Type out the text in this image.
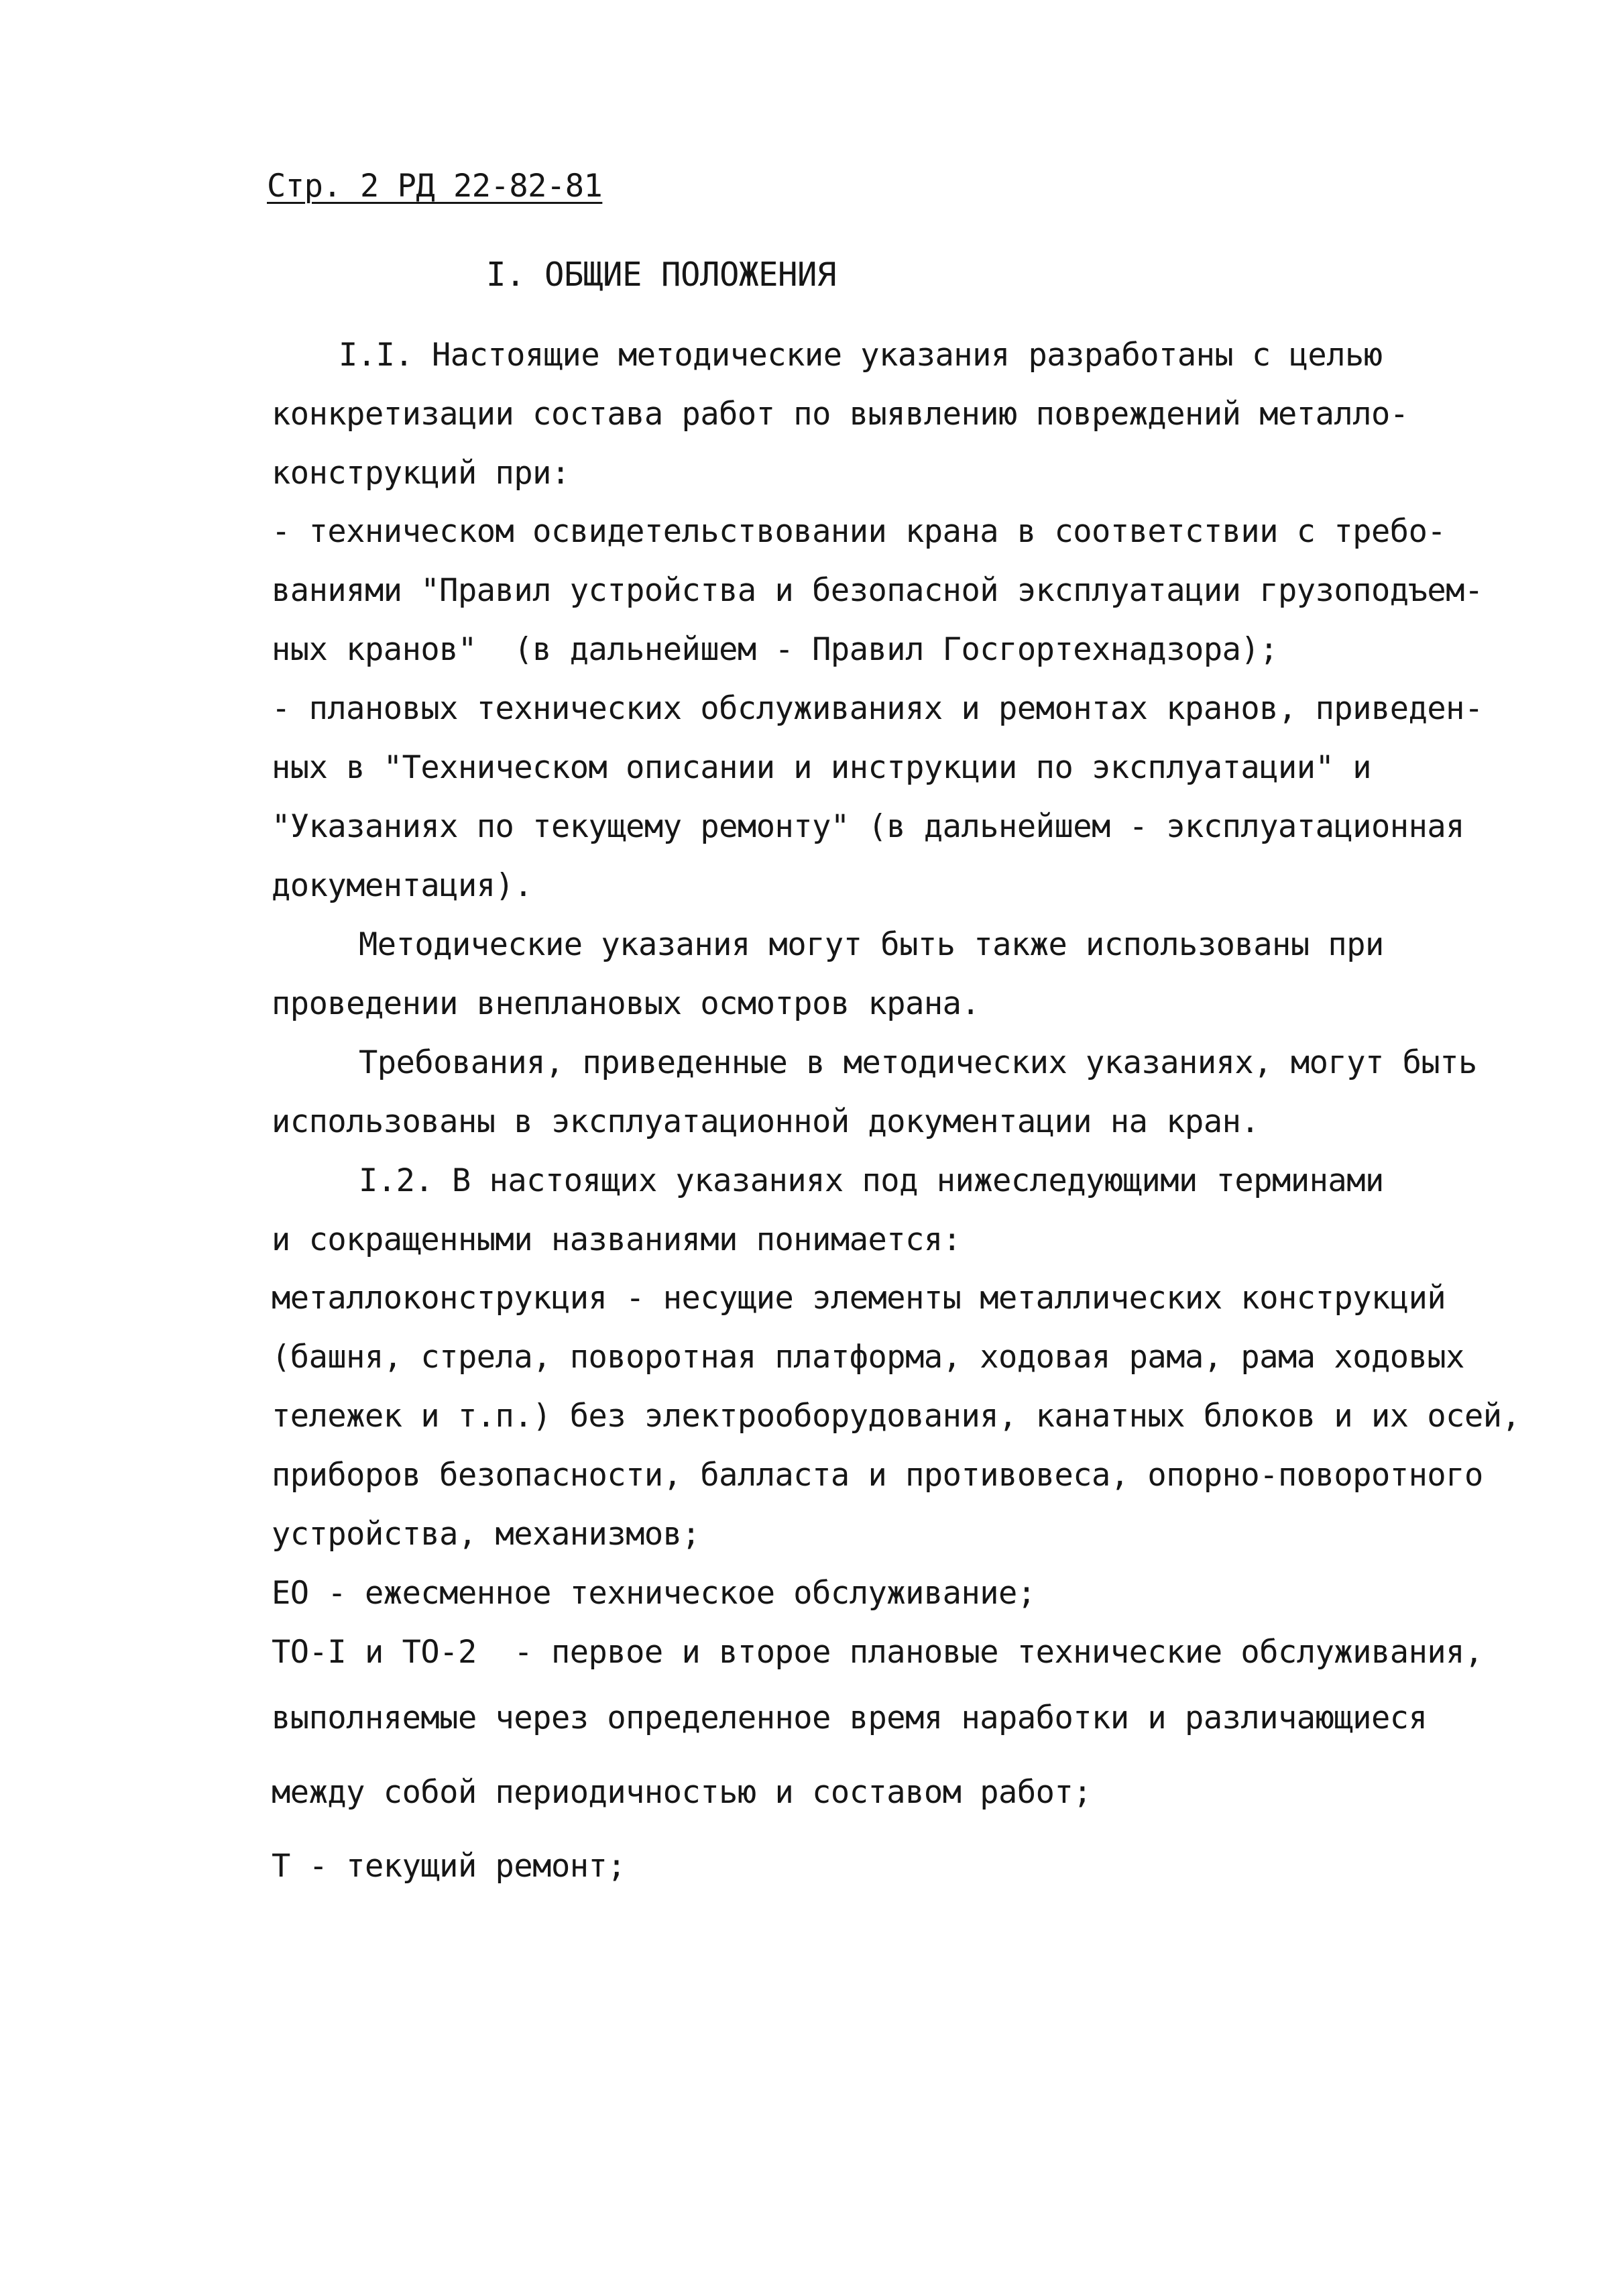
Стр. 2 РД 22-82-81
I. ОБЩИЕ ПОЛОЖЕНИЯ
I.I. Настоящие методические указания разработаны с целью
конкретизации состава работ по выявлению повреждений металло-
конструкций при:
- техническом освидетельствовании крана в соответствии с требо-
ваниями "Правил устройства и безопасной эксплуатации грузоподъем-
ных кранов"  (в дальнейшем - Правил Госгортехнадзора);
- плановых технических обслуживаниях и ремонтах кранов, приведен-
ных в "Техническом описании и инструкции по эксплуатации" и
"Указаниях по текущему ремонту" (в дальнейшем - эксплуатационная
документация).
Методические указания могут быть также использованы при
проведении внеплановых осмотров крана.
Требования, приведенные в методических указаниях, могут быть
использованы в эксплуатационной документации на кран.
I.2. В настоящих указаниях под нижеследующими терминами
и сокращенными названиями понимается:
металлоконструкция - несущие элементы металлических конструкций
(башня, стрела, поворотная платформа, ходовая рама, рама ходовых
тележек и т.п.) без электрооборудования, канатных блоков и их осей,
приборов безопасности, балласта и противовеса, опорно-поворотного
устройства, механизмов;
ЕО - ежесменное техническое обслуживание;
ТО-I и ТО-2  - первое и второе плановые технические обслуживания,
выполняемые через определенное время наработки и различающиеся
между собой периодичностью и составом работ;
Т - текущий ремонт;
